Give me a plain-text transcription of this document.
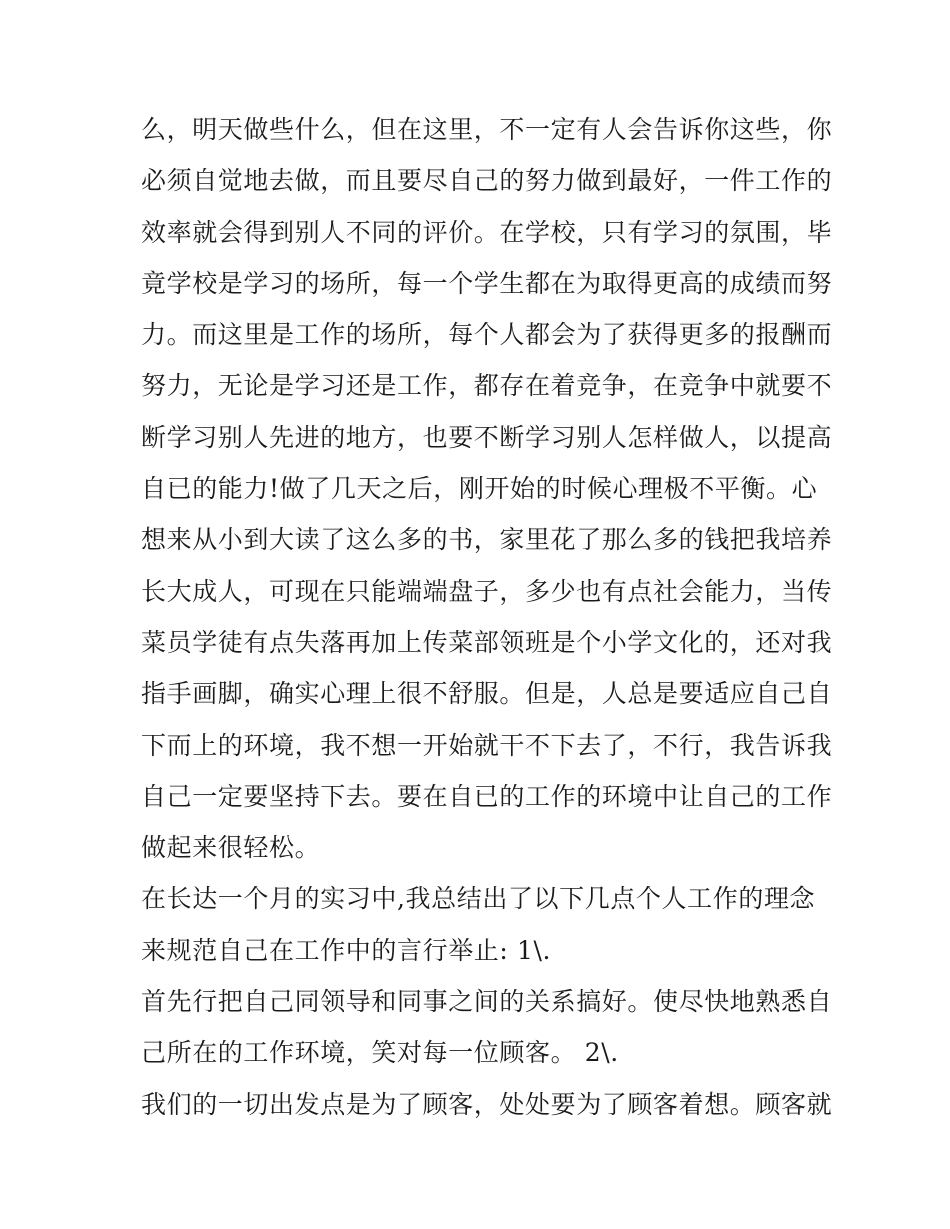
么，明天做些什么，但在这里，不一定有人会告诉你这些，你
必须自觉地去做，而且要尽自己的努力做到最好，一件工作的
效率就会得到别人不同的评价。在学校，只有学习的氛围，毕
竟学校是学习的场所，每一个学生都在为取得更高的成绩而努
力。而这里是工作的场所，每个人都会为了获得更多的报酬而
努力，无论是学习还是工作，都存在着竞争，在竞争中就要不
断学习别人先进的地方，也要不断学习别人怎样做人，以提高
自已的能力!做了几天之后，刚开始的时候心理极不平衡。心
想来从小到大读了这么多的书，家里花了那么多的钱把我培养
长大成人，可现在只能端端盘子，多少也有点社会能力，当传
菜员学徒有点失落再加上传菜部领班是个小学文化的，还对我
指手画脚，确实心理上很不舒服。但是，人总是要适应自己自
下而上的环境，我不想一开始就干不下去了，不行，我告诉我
自己一定要坚持下去。要在自已的工作的环境中让自己的工作
做起来很轻松。
在长达一个月的实习中,我总结出了以下几点个人工作的理念
来规范自己在工作中的言行举止: 1\.
首先行把自己同领导和同事之间的关系搞好。使尽快地熟悉自
己所在的工作环境，笑对每一位顾客。 2\.
我们的一切出发点是为了顾客，处处要为了顾客着想。顾客就
